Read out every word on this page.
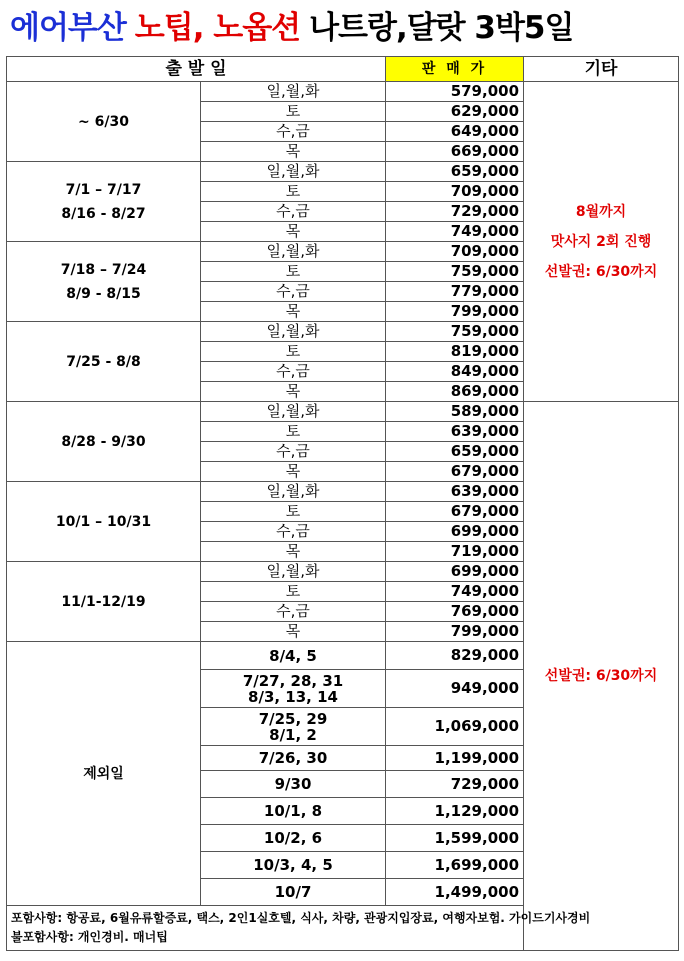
에어부산 노팁, 노옵션 나트랑,달랏 3박5일
출 발 일		판 매 가	기타

~ 6/30	일,월,화	579,000	8월까지
맛사지 2회 진행
선발권: 6/30까지

	토	629,000	
	수,금	649,000	
	목	669,000	

7/1 – 7/17
8/16 - 8/27	일,월,화	659,000	
	토	709,000	
	수,금	729,000	
	목	749,000	

7/18 – 7/24
8/9 - 8/15	일,월,화	709,000	
	토	759,000	
	수,금	779,000	
	목	799,000	

7/25 - 8/8	일,월,화	759,000	
	토	819,000	
	수,금	849,000	
	목	869,000	

8/28 - 9/30	일,월,화	589,000	선발권: 6/30까지
	토	639,000	
	수,금	659,000	
	목	679,000	

10/1 – 10/31	일,월,화	639,000	
	토	679,000	
	수,금	699,000	
	목	719,000	

11/1-12/19	일,월,화	699,000	
	토	749,000	
	수,금	769,000	
	목	799,000	
제외일	8/4, 5	829,000	

	7/27, 28, 31
8/3, 13, 14	949,000	

	7/25, 29
8/1, 2	1,069,000	

	7/26, 30	1,199,000	

	9/30	729,000	

	10/1, 8	1,129,000	

	10/2, 6	1,599,000	

	10/3, 4, 5	1,699,000	

	10/7	1,499,000	

포함사항: 항공료, 6월유류할증료, 택스, 2인1실호텔, 식사, 차량, 관광지입장료, 여행자보험. 가이드기사경비
불포함사항: 개인경비. 매너팁			
